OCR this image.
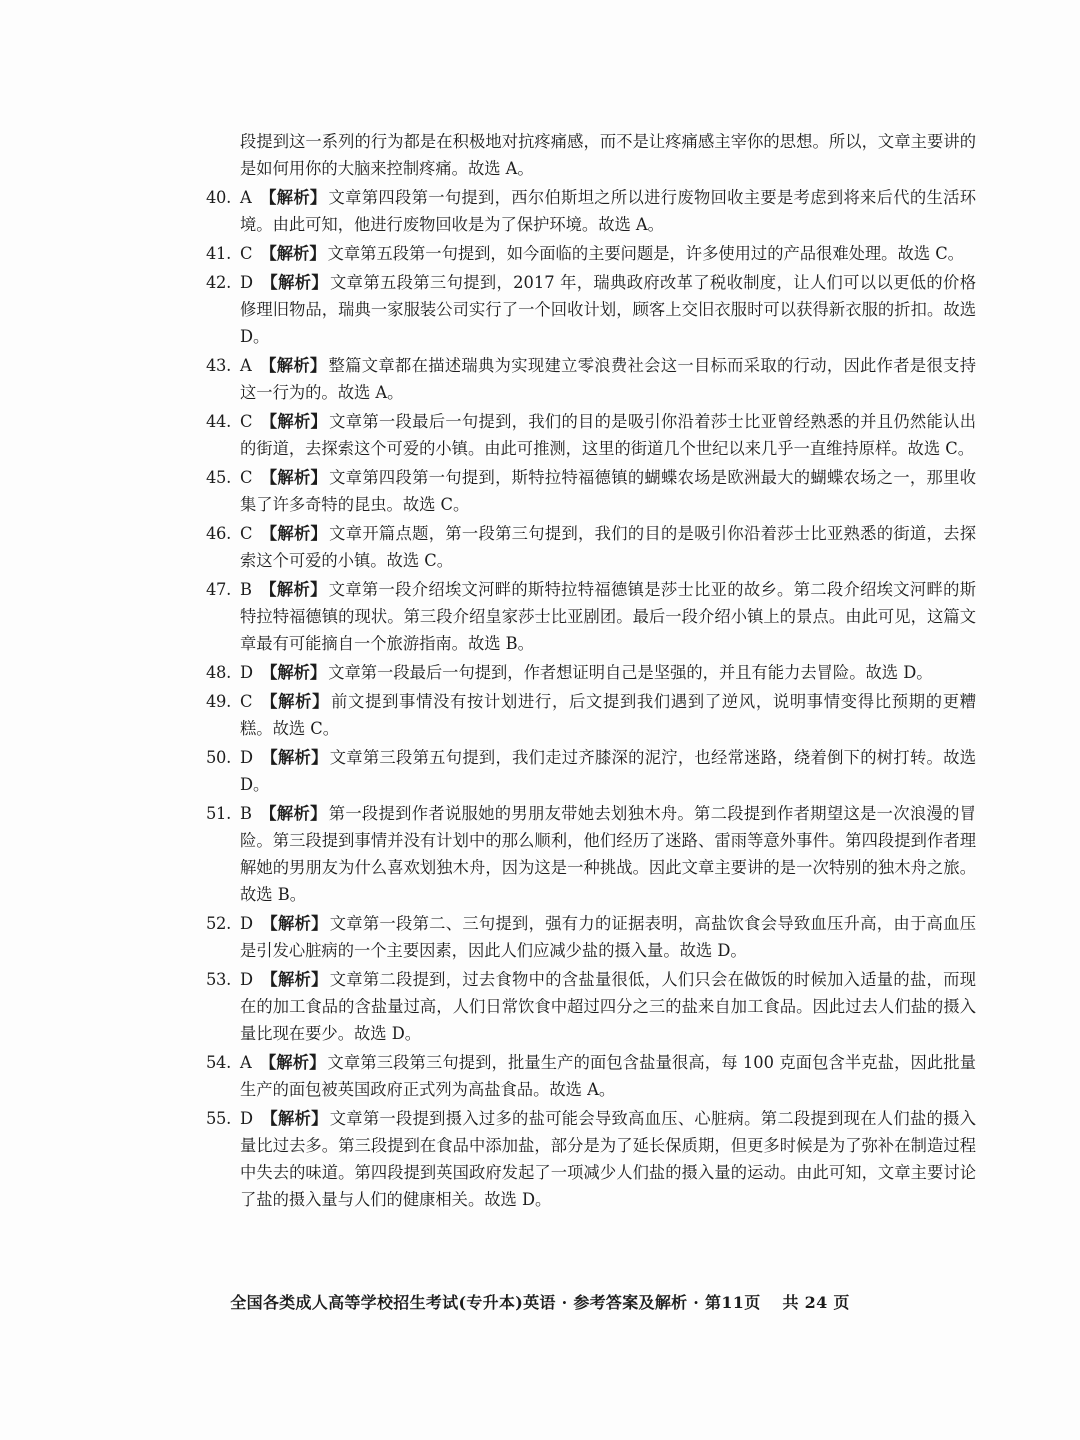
段提到这一系列的行为都是在积极地对抗疼痛感，而不是让疼痛感主宰你的思想。所以，文章主要讲的是如何用你的大脑来控制疼痛。故选 A。
40. A 【解析】 文章第四段第一句提到，西尔伯斯坦之所以进行废物回收主要是考虑到将来后代的生活环境。由此可知，他进行废物回收是为了保护环境。故选 A。
41. C 【解析】 文章第五段第一句提到，如今面临的主要问题是，许多使用过的产品很难处理。故选 C。
42. D 【解析】 文章第五段第三句提到，2017 年，瑞典政府改革了税收制度，让人们可以以更低的价格修理旧物品，瑞典一家服装公司实行了一个回收计划，顾客上交旧衣服时可以获得新衣服的折扣。故选 D。
43. A 【解析】 整篇文章都在描述瑞典为实现建立零浪费社会这一目标而采取的行动，因此作者是很支持这一行为的。故选 A。
44. C 【解析】 文章第一段最后一句提到，我们的目的是吸引你沿着莎士比亚曾经熟悉的并且仍然能认出的街道，去探索这个可爱的小镇。由此可推测，这里的街道几个世纪以来几乎一直维持原样。故选 C。
45. C 【解析】 文章第四段第一句提到，斯特拉特福德镇的蝴蝶农场是欧洲最大的蝴蝶农场之一，那里收集了许多奇特的昆虫。故选 C。
46. C 【解析】 文章开篇点题，第一段第三句提到，我们的目的是吸引你沿着莎士比亚熟悉的街道，去探索这个可爱的小镇。故选 C。
47. B 【解析】 文章第一段介绍埃文河畔的斯特拉特福德镇是莎士比亚的故乡。第二段介绍埃文河畔的斯特拉特福德镇的现状。第三段介绍皇家莎士比亚剧团。最后一段介绍小镇上的景点。由此可见，这篇文章最有可能摘自一个旅游指南。故选 B。
48. D 【解析】 文章第一段最后一句提到，作者想证明自己是坚强的，并且有能力去冒险。故选 D。
49. C 【解析】 前文提到事情没有按计划进行，后文提到我们遇到了逆风，说明事情变得比预期的更糟糕。故选 C。
50. D 【解析】 文章第三段第五句提到，我们走过齐膝深的泥泞，也经常迷路，绕着倒下的树打转。故选 D。
51. B 【解析】 第一段提到作者说服她的男朋友带她去划独木舟。第二段提到作者期望这是一次浪漫的冒险。第三段提到事情并没有计划中的那么顺利，他们经历了迷路、雷雨等意外事件。第四段提到作者理解她的男朋友为什么喜欢划独木舟，因为这是一种挑战。因此文章主要讲的是一次特别的独木舟之旅。故选 B。
52. D 【解析】 文章第一段第二、三句提到，强有力的证据表明，高盐饮食会导致血压升高，由于高血压是引发心脏病的一个主要因素，因此人们应减少盐的摄入量。故选 D。
53. D 【解析】 文章第二段提到，过去食物中的含盐量很低，人们只会在做饭的时候加入适量的盐，而现在的加工食品的含盐量过高，人们日常饮食中超过四分之三的盐来自加工食品。因此过去人们盐的摄入量比现在要少。故选 D。
54. A 【解析】 文章第三段第三句提到，批量生产的面包含盐量很高，每 100 克面包含半克盐，因此批量生产的面包被英国政府正式列为高盐食品。故选 A。
55. D 【解析】 文章第一段提到摄入过多的盐可能会导致高血压、心脏病。第二段提到现在人们盐的摄入量比过去多。第三段提到在食品中添加盐，部分是为了延长保质期，但更多时候是为了弥补在制造过程中失去的味道。第四段提到英国政府发起了一项减少人们盐的摄入量的运动。由此可知，文章主要讨论了盐的摄入量与人们的健康相关。故选 D。
全国各类成人高等学校招生考试(专升本)英语 · 参考答案及解析 · 第11页 共 24 页
